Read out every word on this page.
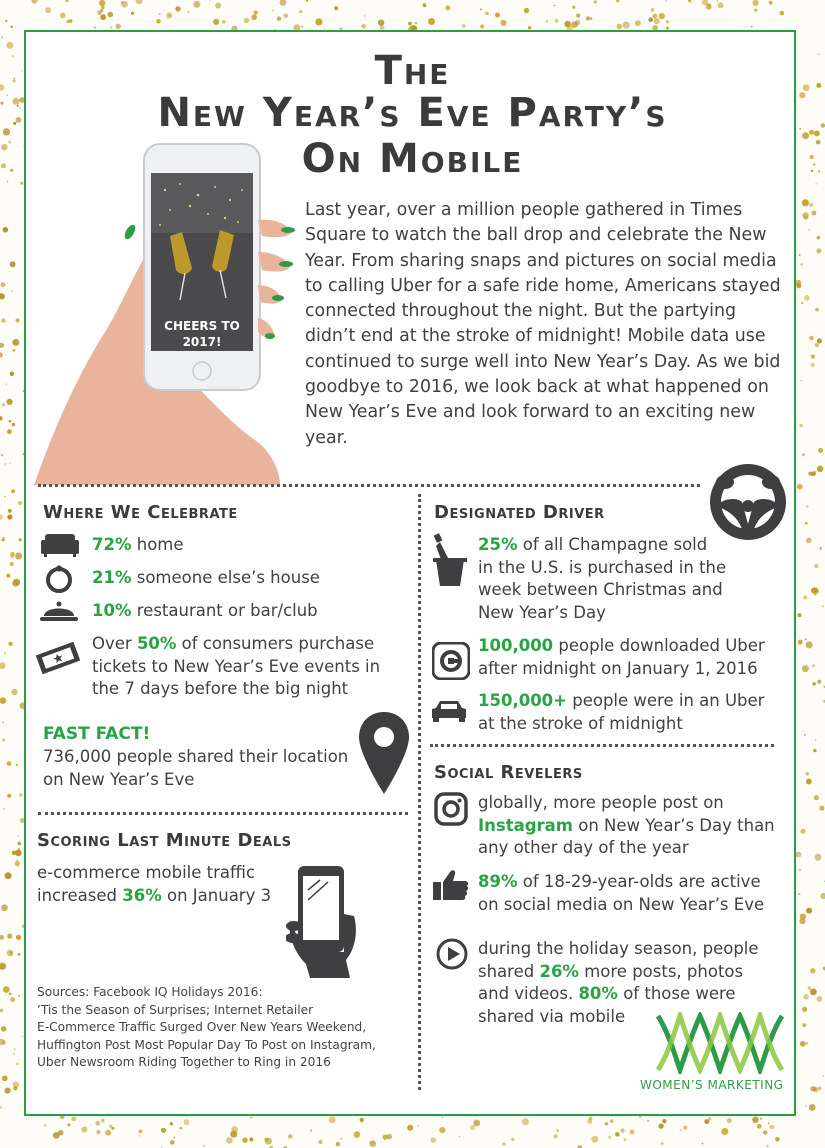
The
New Year’s Eve Party’s
On Mobile
CHEERS TO
2017!
Last year, over a million people gathered in Times Square to watch the ball drop and celebrate the New Year. From sharing snaps and pictures on social media to calling Uber for a safe ride home, Americans stayed connected throughout the night. But the partying didn’t end at the stroke of midnight! Mobile data use continued to surge well into New Year’s Day. As we bid goodbye to 2016, we look back at what happened on New Year’s Eve and look forward to an exciting new year.
Where We Celebrate
72% home
21% someone else’s house
10% restaurant or bar/club
Over 50% of consumers purchase
tickets to New Year’s Eve events in
the 7 days before the big night
FAST FACT!
736,000 people shared their location
on New Year’s Eve
Scoring Last Minute Deals
e-commerce mobile traffic
increased 36% on January 3
Sources: Facebook IQ Holidays 2016:
’Tis the Season of Surprises; Internet Retailer
E-Commerce Traffic Surged Over New Years Weekend,
Huffington Post Most Popular Day To Post on Instagram,
Uber Newsroom Riding Together to Ring in 2016
Designated Driver
25% of all Champagne sold
in the U.S. is purchased in the
week between Christmas and
New Year’s Day
100,000 people downloaded Uber
after midnight on January 1, 2016
150,000+ people were in an Uber
at the stroke of midnight
Social Revelers
globally, more people post on
Instagram on New Year’s Day than
any other day of the year
89% of 18-29-year-olds are active
on social media on New Year’s Eve
during the holiday season, people
shared 26% more posts, photos
and videos. 80% of those were
shared via mobile
WOMEN’S MARKETING
